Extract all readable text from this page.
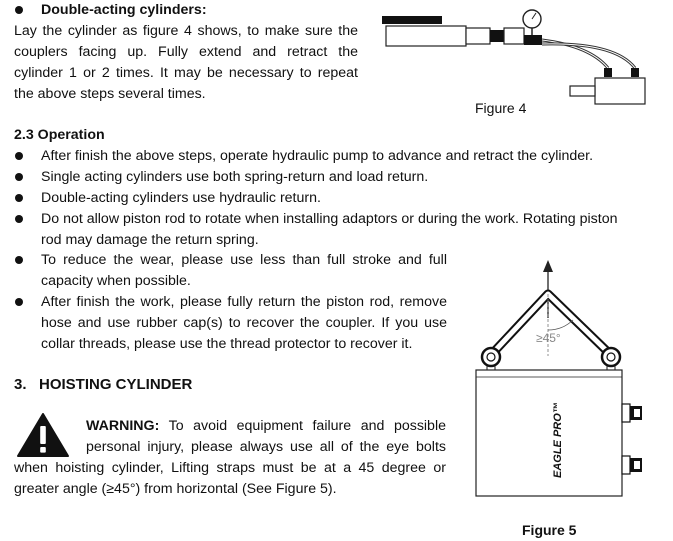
Double-acting cylinders:
Lay the cylinder as figure 4 shows, to make sure the
couplers facing up. Fully extend and retract the
cylinder 1 or 2 times. It may be necessary to repeat
the above steps several times.
Figure 4
2.3 Operation
After finish the above steps, operate hydraulic pump to advance and retract the cylinder.
Single acting cylinders use both spring-return and load return.
Double-acting cylinders use hydraulic return.
Do not allow piston rod to rotate when installing adaptors or during the work. Rotating piston
rod may damage the return spring.
To reduce the wear, please use less than full stroke and full
capacity when possible.
After finish the work, please fully return the piston rod, remove
hose and use rubber cap(s) to recover the coupler. If you use
collar threads, please use the thread protector to recover it.
3.   HOISTING CYLINDER
WARNING: To avoid equipment failure and possible
personal injury, please always use all of the eye bolts
when hoisting cylinder, Lifting straps must be at a 45 degree or
greater angle (≥45°) from horizontal (See Figure 5).
≥45°
EAGLE PRO™
Figure 5
